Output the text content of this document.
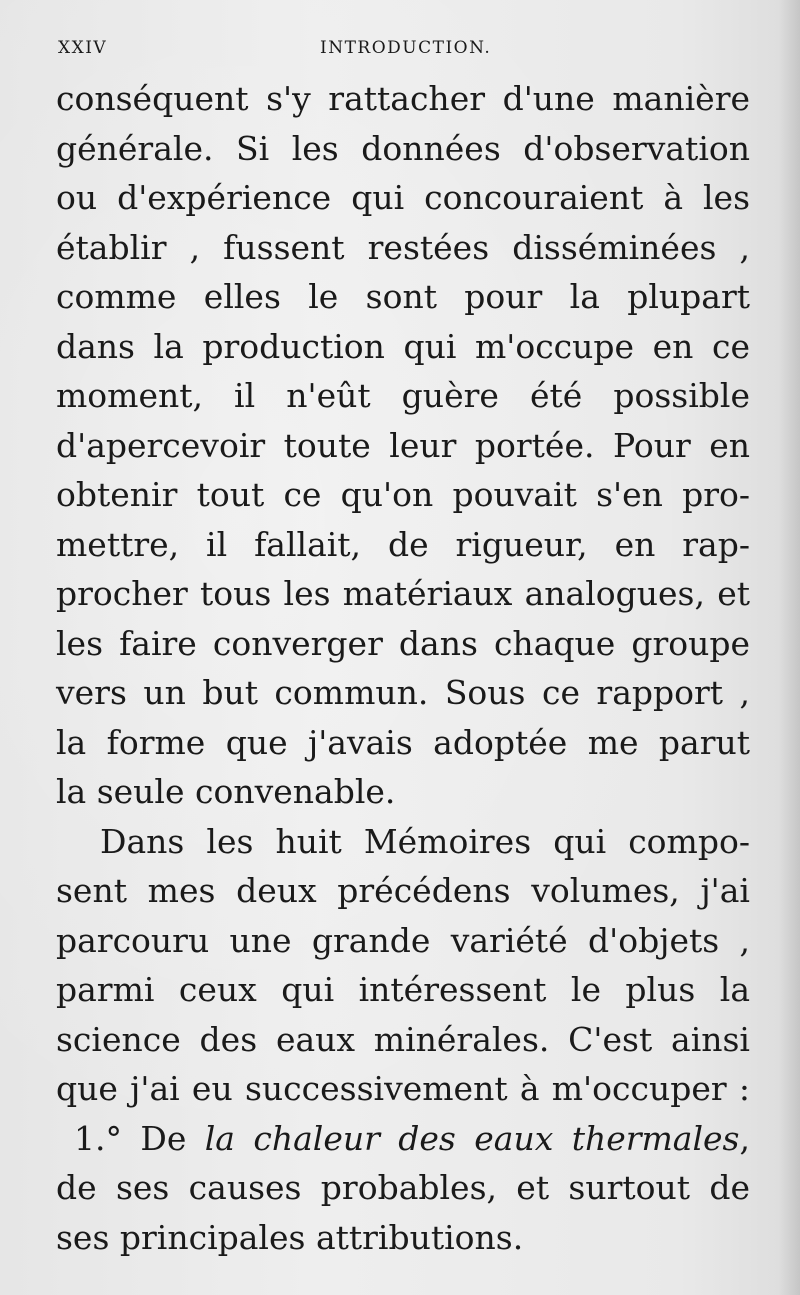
XXIV	INTRODUCTION.
conséquent s'y rattacher d'une manière
générale. Si les données d'observation
ou d'expérience qui concouraient à les
établir , fussent restées disséminées ,
comme elles le sont pour la plupart
dans la production qui m'occupe en ce
moment, il n'eût guère été possible
d'apercevoir toute leur portée. Pour en
obtenir tout ce qu'on pouvait s'en pro-
mettre, il fallait, de rigueur, en rap-
procher tous les matériaux analogues, et
les faire converger dans chaque groupe
vers un but commun. Sous ce rapport ,
la forme que j'avais adoptée me parut
la seule convenable.
Dans les huit Mémoires qui compo-
sent mes deux précédens volumes, j'ai
parcouru une grande variété d'objets ,
parmi ceux qui intéressent le plus la
science des eaux minérales. C'est ainsi
que j'ai eu successivement à m'occuper :
1.° De la chaleur des eaux thermales,
de ses causes probables, et surtout de
ses principales attributions.
